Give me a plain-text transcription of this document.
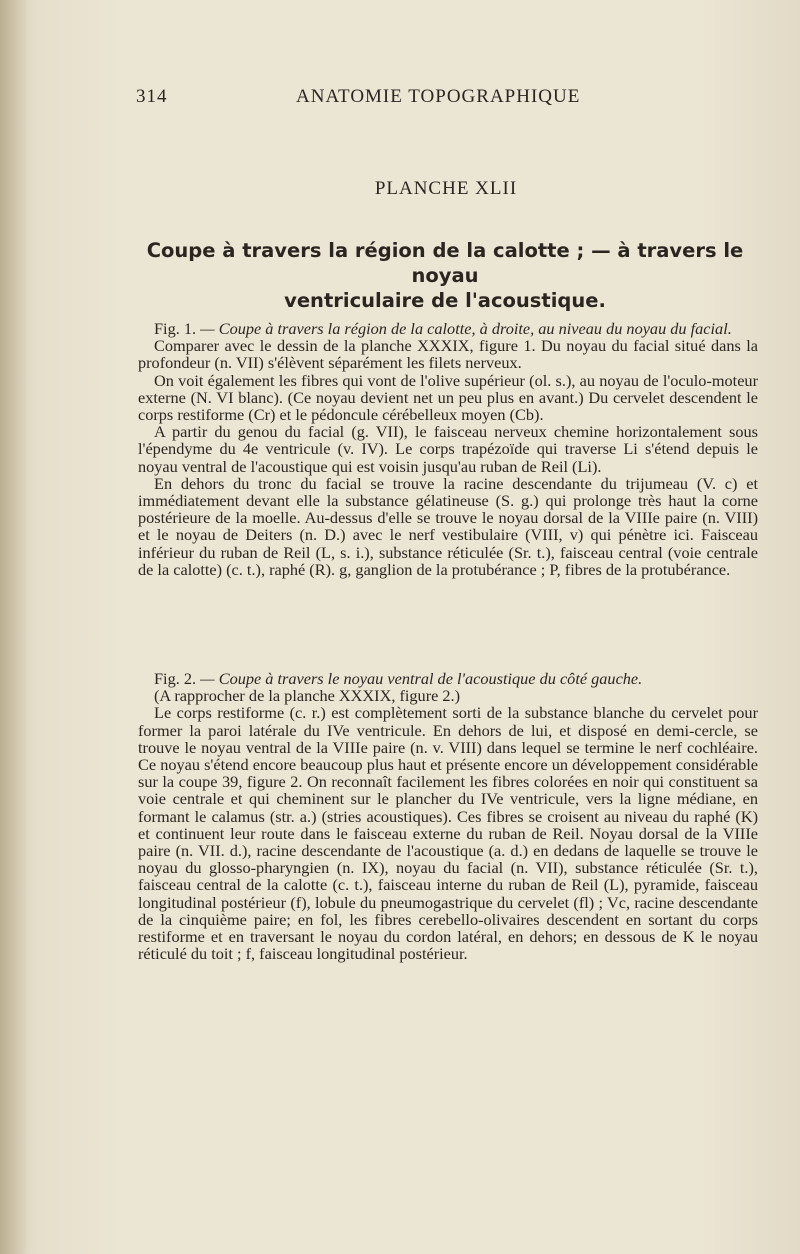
314	ANATOMIE TOPOGRAPHIQUE
PLANCHE XLII
Coupe à travers la région de la calotte ; — à travers le noyau
ventriculaire de l'acoustique.

Fig. 1. — Coupe à travers la région de la calotte, à droite, au niveau du noyau du facial.

Comparer avec le dessin de la planche XXXIX, figure 1. Du noyau du facial situé dans la profondeur (n. VII) s'élèvent séparément les filets nerveux.

On voit également les fibres qui vont de l'olive supérieur (ol. s.), au noyau de l'oculo-moteur externe (N. VI blanc). (Ce noyau devient net un peu plus en avant.) Du cervelet descendent le corps restiforme (Cr) et le pédoncule cérébelleux moyen (Cb).

A partir du genou du facial (g. VII), le faisceau nerveux chemine horizontalement sous l'épendyme du 4e ventricule (v. IV). Le corps trapézoïde qui traverse Li s'étend depuis le noyau ventral de l'acoustique qui est voisin jusqu'au ruban de Reil (Li).

En dehors du tronc du facial se trouve la racine descendante du trijumeau (V. c) et immédiatement devant elle la substance gélatineuse (S. g.) qui prolonge très haut la corne postérieure de la moelle. Au-dessus d'elle se trouve le noyau dorsal de la VIIIe paire (n. VIII) et le noyau de Deiters (n. D.) avec le nerf vestibulaire (VIII, v) qui pénètre ici. Faisceau inférieur du ruban de Reil (L, s. i.), substance réticulée (Sr. t.), faisceau central (voie centrale de la calotte) (c. t.), raphé (R). g, ganglion de la protubérance ; P, fibres de la protubérance.

Fig. 2. — Coupe à travers le noyau ventral de l'acoustique du côté gauche.

(A rapprocher de la planche XXXIX, figure 2.)

Le corps restiforme (c. r.) est complètement sorti de la substance blanche du cervelet pour former la paroi latérale du IVe ventricule. En dehors de lui, et disposé en demi-cercle, se trouve le noyau ventral de la VIIIe paire (n. v. VIII) dans lequel se termine le nerf cochléaire. Ce noyau s'étend encore beaucoup plus haut et présente encore un développement considérable sur la coupe 39, figure 2. On reconnaît facilement les fibres colorées en noir qui constituent sa voie centrale et qui cheminent sur le plancher du IVe ventricule, vers la ligne médiane, en formant le calamus (str. a.) (stries acoustiques). Ces fibres se croisent au niveau du raphé (K) et continuent leur route dans le faisceau externe du ruban de Reil. Noyau dorsal de la VIIIe paire (n. VII. d.), racine descendante de l'acoustique (a. d.) en dedans de laquelle se trouve le noyau du glosso-pharyngien (n. IX), noyau du facial (n. VII), substance réticulée (Sr. t.), faisceau central de la calotte (c. t.), faisceau interne du ruban de Reil (L), pyramide, faisceau longitudinal postérieur (f), lobule du pneumogastrique du cervelet (fl) ; Vc, racine descendante de la cinquième paire; en fol, les fibres cerebello-olivaires descendent en sortant du corps restiforme et en traversant le noyau du cordon latéral, en dehors; en dessous de K le noyau réticulé du toit ; f, faisceau longitudinal postérieur.
